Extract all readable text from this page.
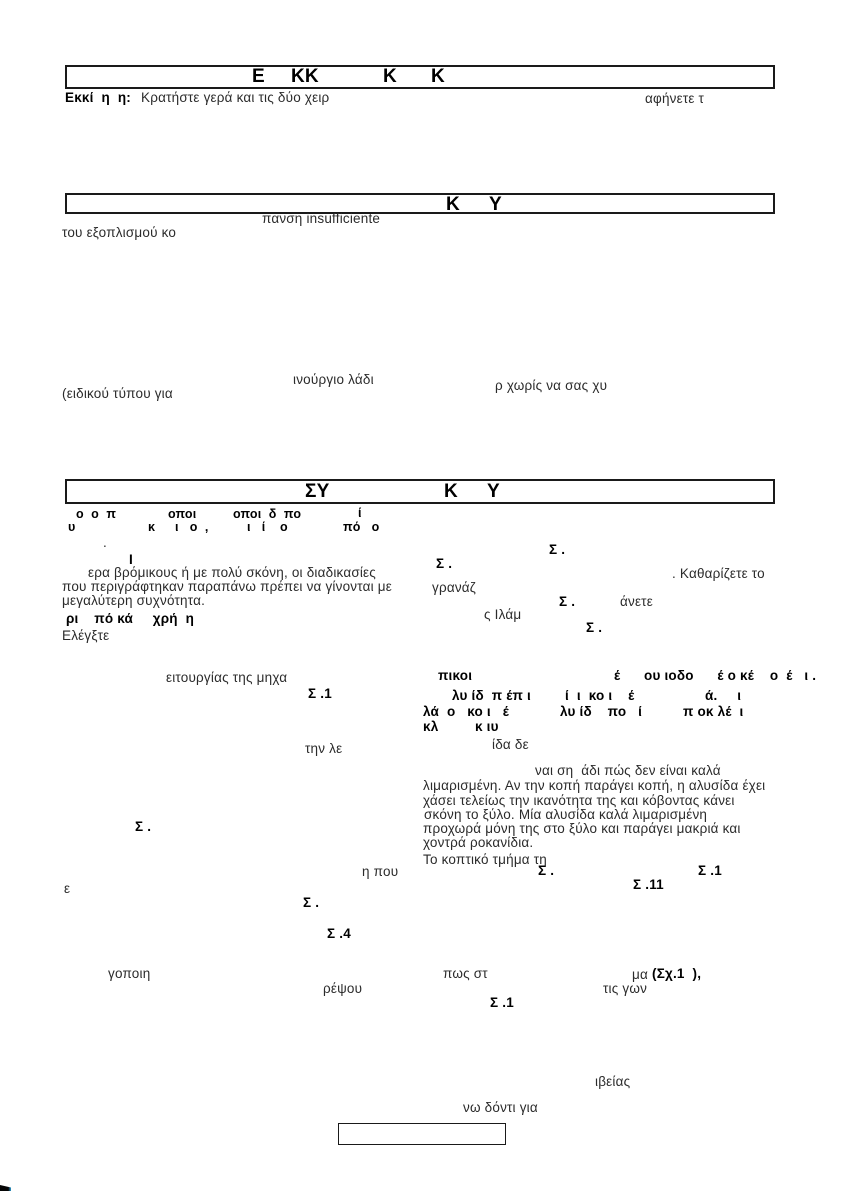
Ε ΚΚ	Κ Κ
Εκκί  η  η: Κρατήστε γερά και τις δύο χειρ	αφήνετε τ
Κ Υ
πανση insufficiente
του εξοπλισμού κο
ινούργιο λάδι	ρ χωρίς να σας χυ
(ειδικού τύπου για
ΣΥ	Κ Υ
ο  ο  π	οποι	οποι  δ  πο	ί
υ	κ ι   ο  ,	ι   ί    ο	πό   ο
.	Σ .
Ι	Σ .
ερα βρόμικους ή με πολύ σκόνη, οι διαδικασίες	. Καθαρίζετε το
που περιγράφτηκαν παραπάνω πρέπει να γίνονται με	γρανάζ
μεγαλύτερη συχνότητα.	Σ .	άνετε
ς Ιλάμ
ρι    πό κά     χρή  η
Σ .
Ελέγξτε
ειτουργίας της μηχα	πικοι	έ      ου ιοδο      έ ο κέ    ο  έ   ι .
Σ .1	λυ ίδ  π έπ ι	ί  ι  κο ι    έ	ά.     ι
λά  ο   κο ι   έ	λυ ίδ    πο   ί	π οκ λέ  ι
κλ	κ ιυ
ίδα δε
την λε
ναι ση  άδι πώς δεν είναι καλά
λιμαρισμένη. Αν την κοπή παράγει κοπή, η αλυσίδα έχει
χάσει τελείως την ικανότητα της και κόβοντας κάνει
σκόνη το ξύλο. Μία αλυσίδα καλά λιμαρισμένη
προχωρά μόνη της στο ξύλο και παράγει μακριά και
χοντρά ροκανίδια.
Σ .
Το κοπτικό τμήμα τη
η που	Σ .	Σ .1
Σ .11
ε
Σ .
Σ .4
γοποιη	πως στ	μα (Σχ.1  ),
ρέψου	τις γων
Σ .1
ιβείας
νω δόντι για
